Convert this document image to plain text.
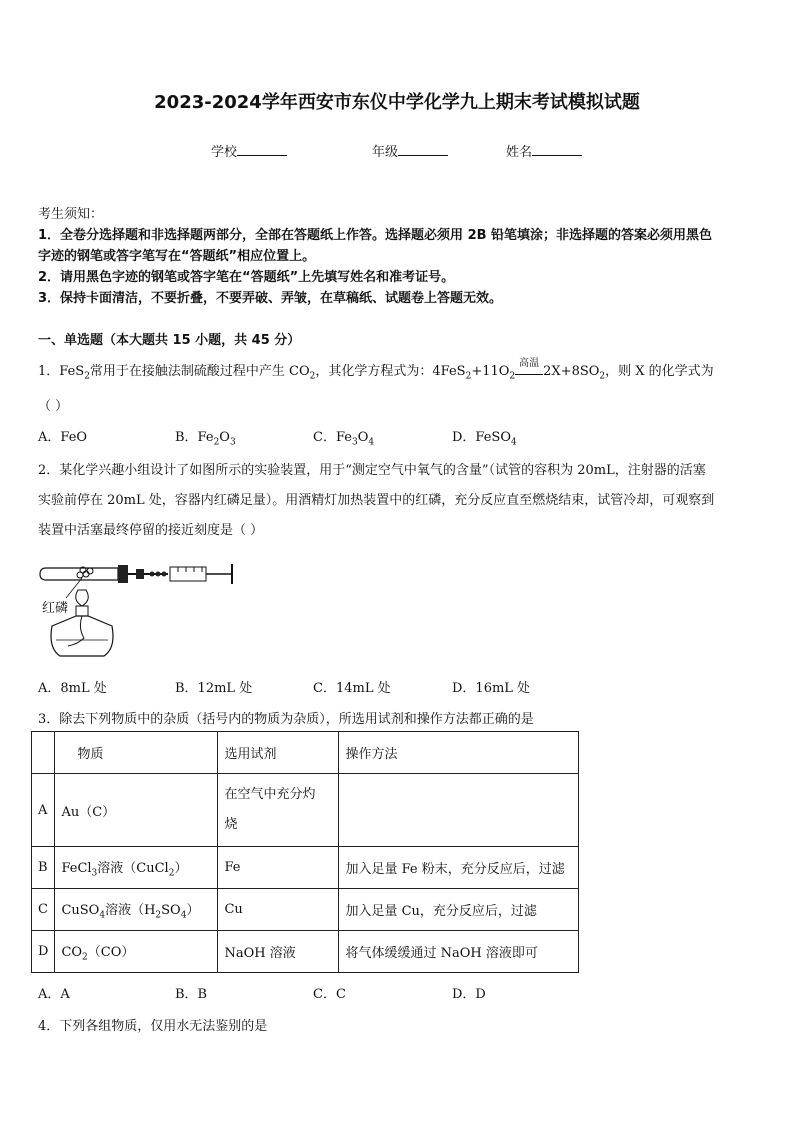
2023-2024学年西安市东仪中学化学九上期末考试模拟试题
学校	年级	姓名
考生须知：
1．全卷分选择题和非选择题两部分，全部在答题纸上作答。选择题必须用 2B 铅笔填涂；非选择题的答案必须用黑色
字迹的钢笔或答字笔写在“答题纸”相应位置上。
2．请用黑色字迹的钢笔或答字笔在“答题纸”上先填写姓名和准考证号。
3．保持卡面清洁，不要折叠，不要弄破、弄皱，在草稿纸、试题卷上答题无效。
一、单选题（本大题共 15 小题，共 45 分）
1．FeS$_2$常用于在接触法制硫酸过程中产生 $CO_2$，其化学方程式为：$4FeS_2+11O_2$
高温
$2X+8SO_2$，则 X 的化学式为
（ ）
A．FeO	B．$Fe_2O_3$	C．$Fe_3O_4$	D．FeSO$_4$
2．某化学兴趣小组设计了如图所示的实验装置，用于“测定空气中氧气的含量”（试管的容积为 20mL，注射器的活塞
实验前停在 20mL 处，容器内红磷足量）。用酒精灯加热装置中的红磷，充分反应直至燃烧结束，试管冷却，可观察到
装置中活塞最终停留的接近刻度是（ ）
红磷
A．8mL 处	B．12mL 处	C．14mL 处	D．16mL 处
3．除去下列物质中的杂质（括号内的物质为杂质），所选用试剂和操作方法都正确的是
	物质	选用试剂	操作方法
A	Au（C）	在空气中充分灼
烧	
B	FeCl$_3$溶液（CuCl$_2$）	Fe	加入足量 Fe 粉末，充分反应后，过滤
C	CuSO$_4$溶液$(H_2SO_4)$	Cu	加入足量 Cu，充分反应后，过滤
D	$CO_2(CO)$	NaOH 溶液	将气体缓缓通过 NaOH 溶液即可
A．A	B．B	C．C	D．D
4．下列各组物质，仅用水无法鉴别的是
